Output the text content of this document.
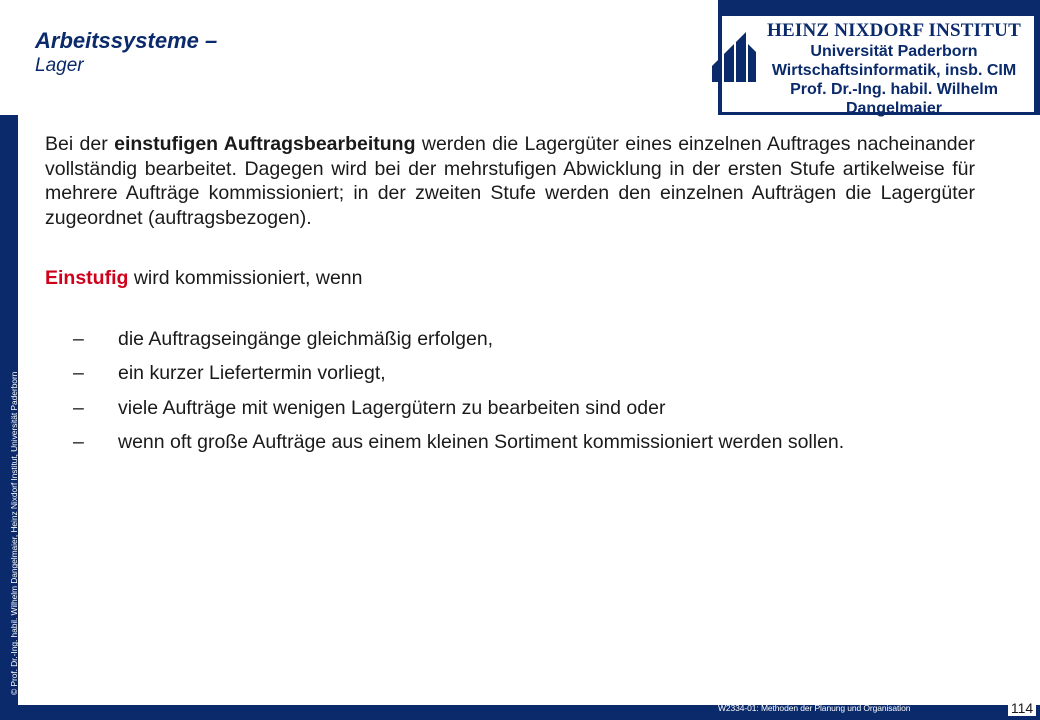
© Prof. Dr.-Ing. habil. Wilhelm Dangelmaier, Heinz Nixdorf Institut, Universität Paderborn
Arbeitssysteme –
Lager
HEINZ NIXDORF INSTITUT
Universität Paderborn
Wirtschaftsinformatik, insb. CIM
Prof. Dr.-Ing. habil. Wilhelm Dangelmaier

Bei der einstufigen Auftragsbearbeitung werden die Lagergüter eines einzelnen Auftrages nacheinander vollständig bearbeitet. Dagegen wird bei der mehrstufigen Abwicklung in der ersten Stufe artikelweise für mehrere Aufträge kommissioniert; in der zweiten Stufe werden den einzelnen Aufträgen die Lagergüter zugeordnet (auftragsbezogen).

Einstufig wird kommissioniert, wenn

– die Auftragseingänge gleichmäßig erfolgen,
– ein kurzer Liefertermin vorliegt,
– viele Aufträge mit wenigen Lagergütern zu bearbeiten sind oder
– wenn oft große Aufträge aus einem kleinen Sortiment kommissioniert werden sollen.
W2334-01: Methoden der Planung und Organisation	114
